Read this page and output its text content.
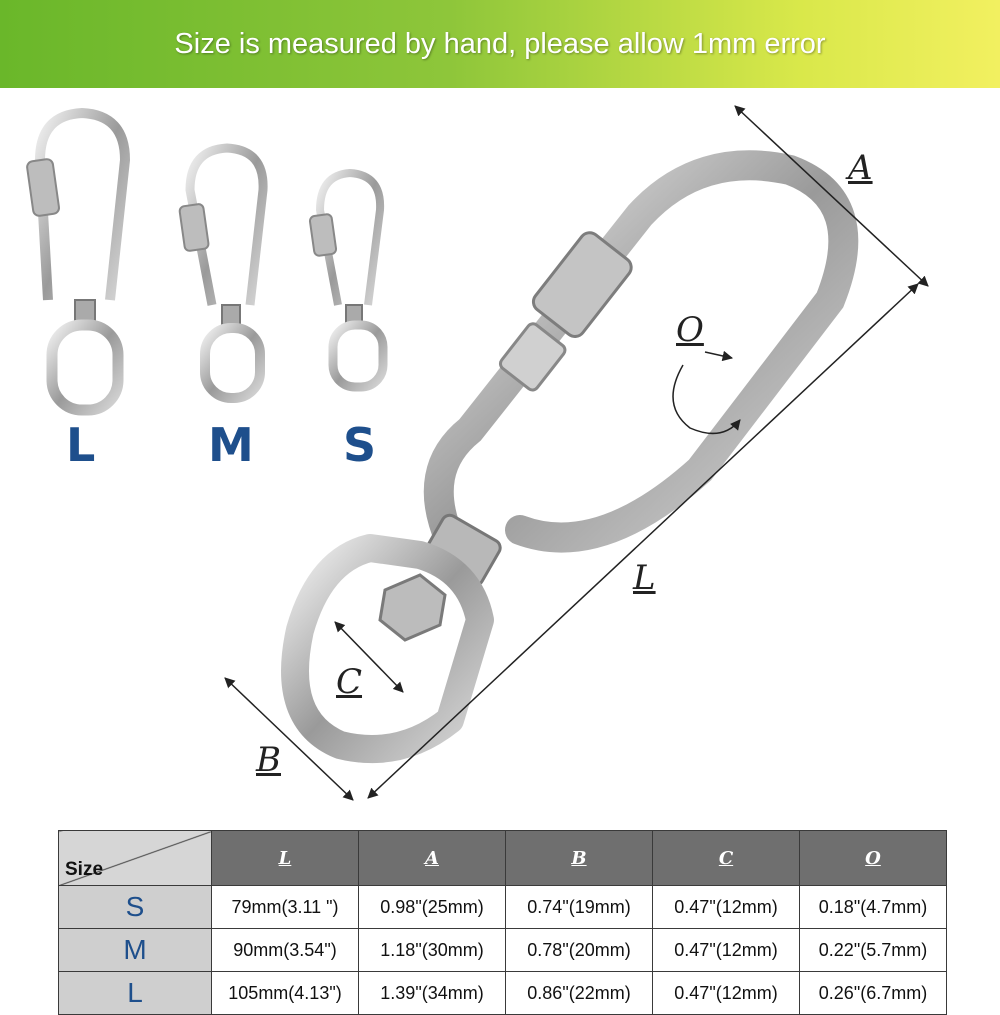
Size is measured by hand, please allow 1mm error
L M S
A
O
L
C
B
Size	L	A	B	C	O
S	79mm(3.11 ")	0.98"(25mm)	0.74"(19mm)	0.47"(12mm)	0.18"(4.7mm)
M	90mm(3.54")	1.18"(30mm)	0.78"(20mm)	0.47"(12mm)	0.22"(5.7mm)
L	105mm(4.13")	1.39"(34mm)	0.86"(22mm)	0.47"(12mm)	0.26"(6.7mm)
